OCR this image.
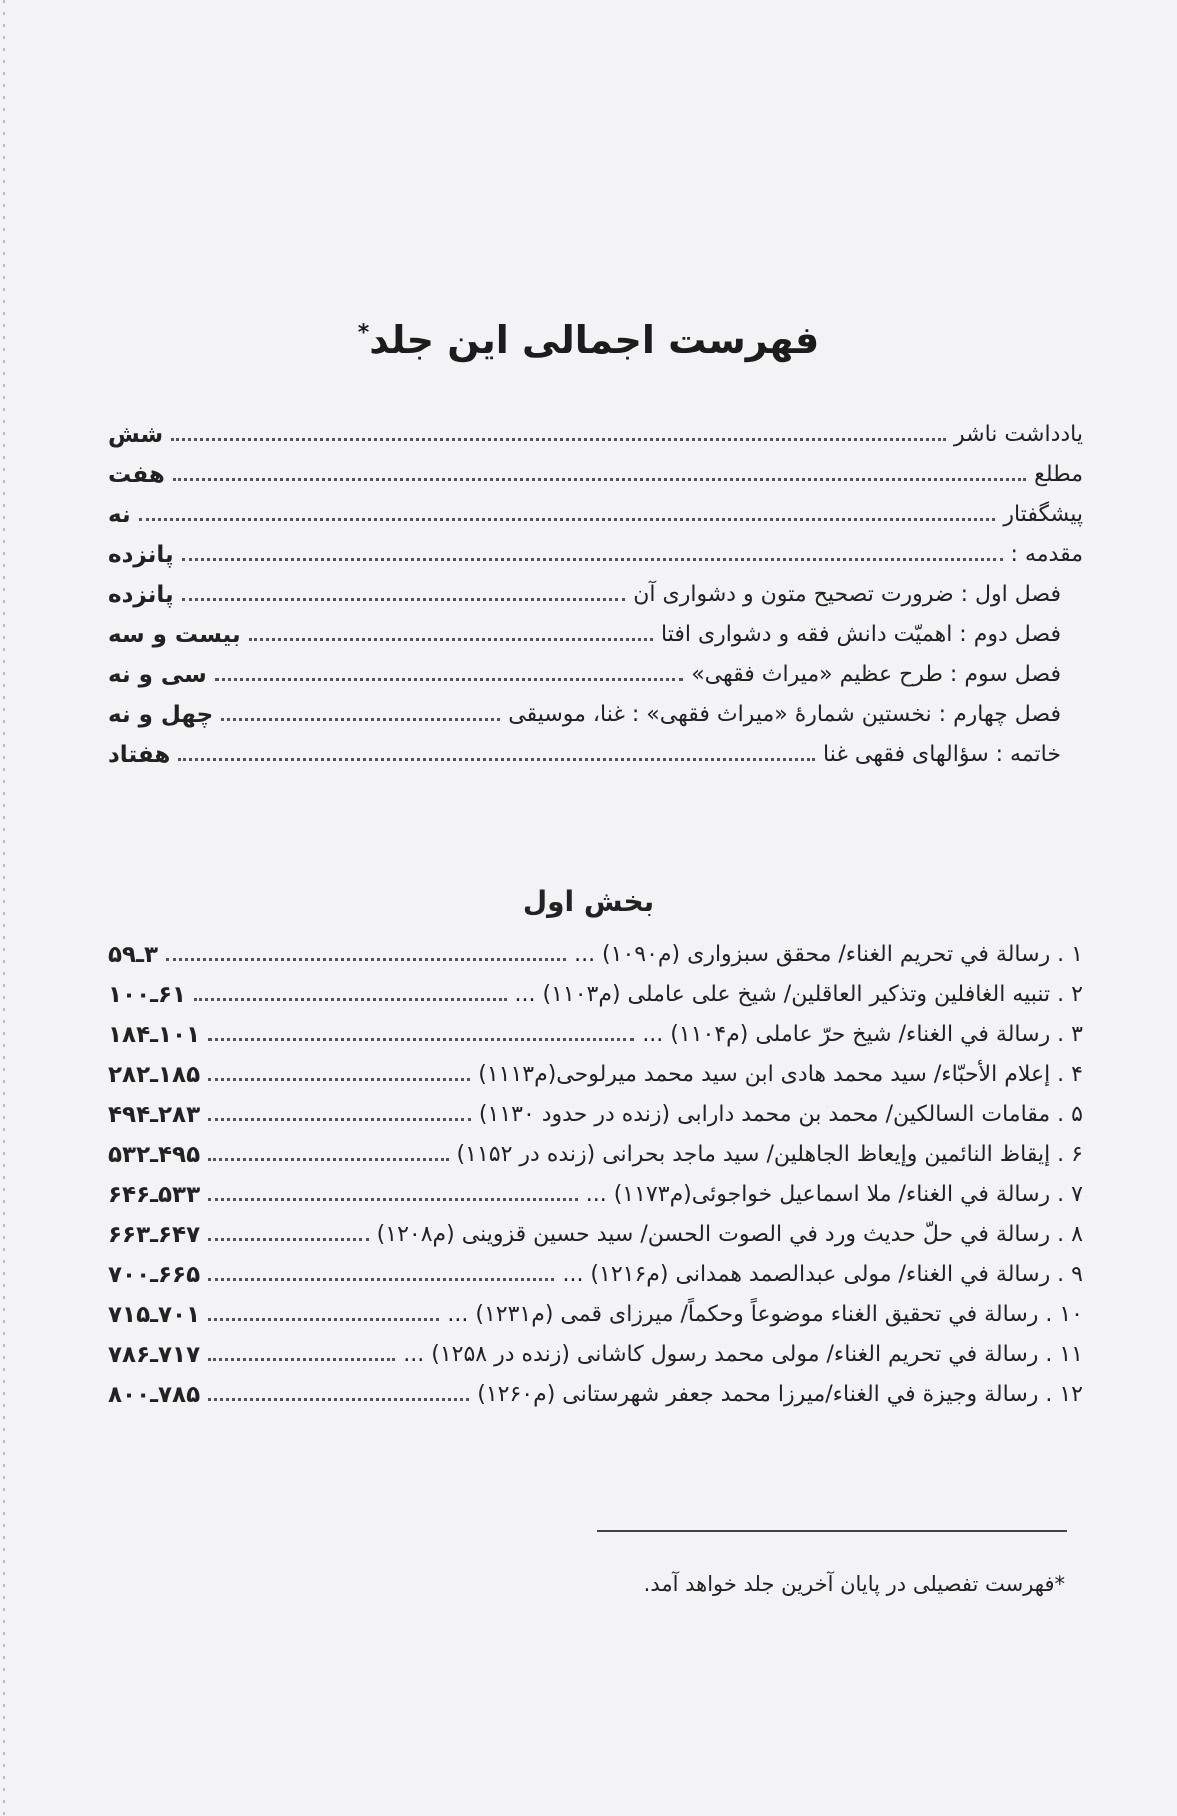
فهرست اجمالی این جلد*
یادداشت ناشر
شش
مطلع
هفت
پیشگفتار
نه
مقدمه :
پانزده
فصل اول : ضرورت تصحیح متون و دشواری آن
پانزده
فصل دوم : اهمیّت دانش فقه و دشواری افتا
بیست و سه
فصل سوم : طرح عظیم «میراث فقهی»
سی و نه
فصل چهارم : نخستین شمارهٔ «میراث فقهی» : غنا، موسیقی
چهل و نه
خاتمه : سؤالهای فقهی غنا
هفتاد
بخش اول
۱ . رسالة في تحريم الغناء/ محقق سبزواری (م۱۰۹۰) ...
۳ـ۵۹
۲ . تنبيه الغافلين وتذكير العاقلين/ شيخ علی عاملی (م۱۱۰۳) ...
۶۱ـ۱۰۰
۳ . رسالة في الغناء/ شيخ حرّ عاملی (م۱۱۰۴) ...
۱۰۱ـ۱۸۴
۴ . إعلام الأحبّاء/ سيد محمد هادی ابن سيد محمد ميرلوحی(م۱۱۱۳)
۱۸۵ـ۲۸۲
۵ . مقامات السالكين/ محمد بن محمد دارابی (زنده در حدود ۱۱۳۰)
۲۸۳ـ۴۹۴
۶ . إيقاظ النائمين وإيعاظ الجاهلين/ سيد ماجد بحرانی (زنده در ۱۱۵۲)
۴۹۵ـ۵۳۲
۷ . رسالة في الغناء/ ملا اسماعيل خواجوئی(م۱۱۷۳) ...
۵۳۳ـ۶۴۶
۸ . رسالة في حلّ حديث ورد في الصوت الحسن/ سيد حسين قزوينی (م۱۲۰۸)
۶۴۷ـ۶۶۳
۹ . رسالة في الغناء/ مولی عبدالصمد همدانی (م۱۲۱۶) ...
۶۶۵ـ۷۰۰
۱۰ . رسالة في تحقيق الغناء موضوعاً وحكماً/ ميرزای قمی (م۱۲۳۱) ...
۷۰۱ـ۷۱۵
۱۱ . رسالة في تحريم الغناء/ مولی محمد رسول كاشانی (زنده در ۱۲۵۸) ...
۷۱۷ـ۷۸۶
۱۲ . رسالة وجيزة في الغناء/ميرزا محمد جعفر شهرستانی (م۱۲۶۰)
۷۸۵ـ۸۰۰
*فهرست تفصیلی در پایان آخرین جلد خواهد آمد.
